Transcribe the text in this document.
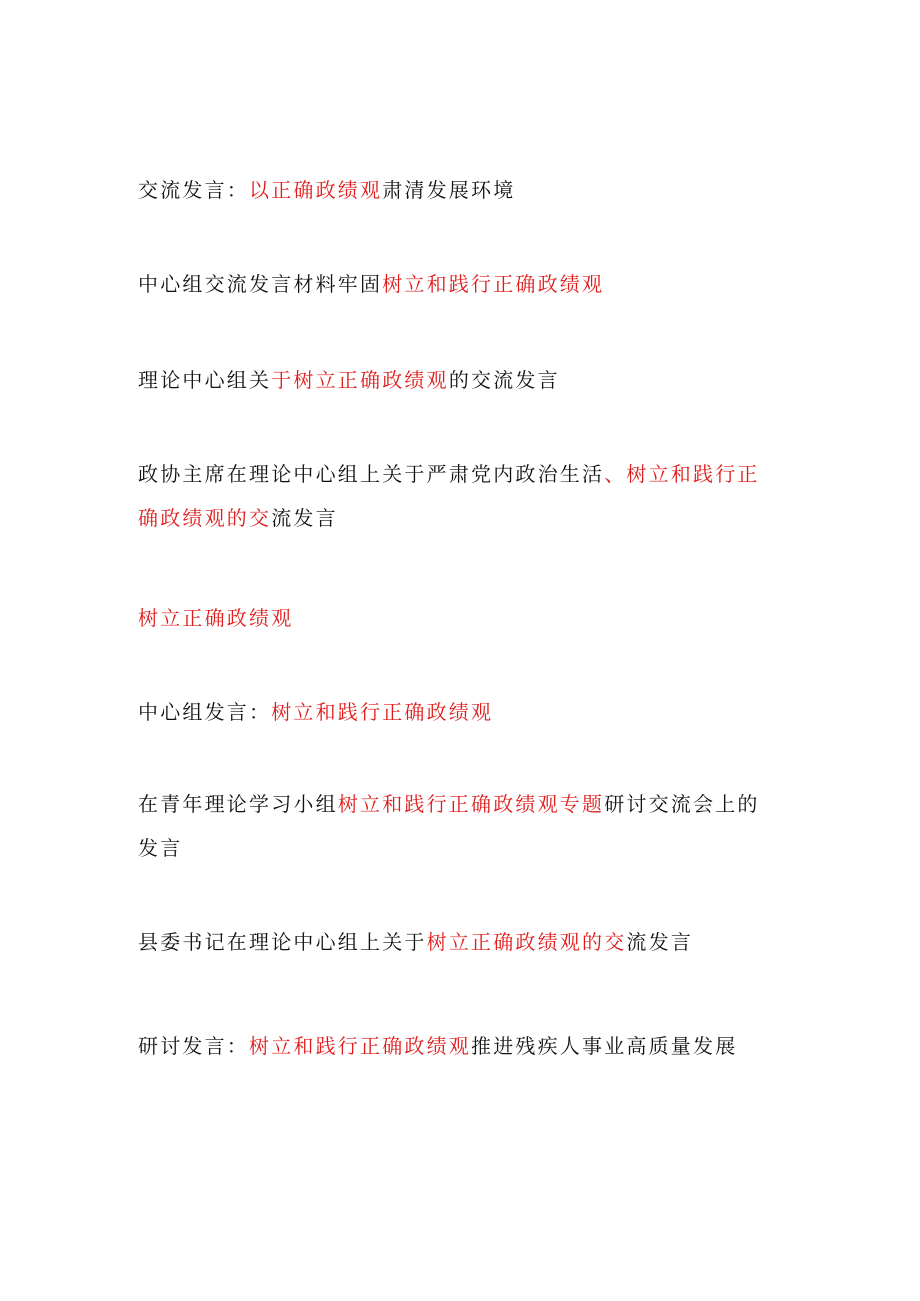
交流发言：以正确政绩观肃清发展环境

中心组交流发言材料牢固树立和践行正确政绩观

理论中心组关于树立正确政绩观的交流发言

政协主席在理论中心组上关于严肃党内政治生活、树立和践行正确政绩观的交流发言

树立正确政绩观

中心组发言：树立和践行正确政绩观

在青年理论学习小组树立和践行正确政绩观专题研讨交流会上的发言

县委书记在理论中心组上关于树立正确政绩观的交流发言

研讨发言：树立和践行正确政绩观推进残疾人事业高质量发展
